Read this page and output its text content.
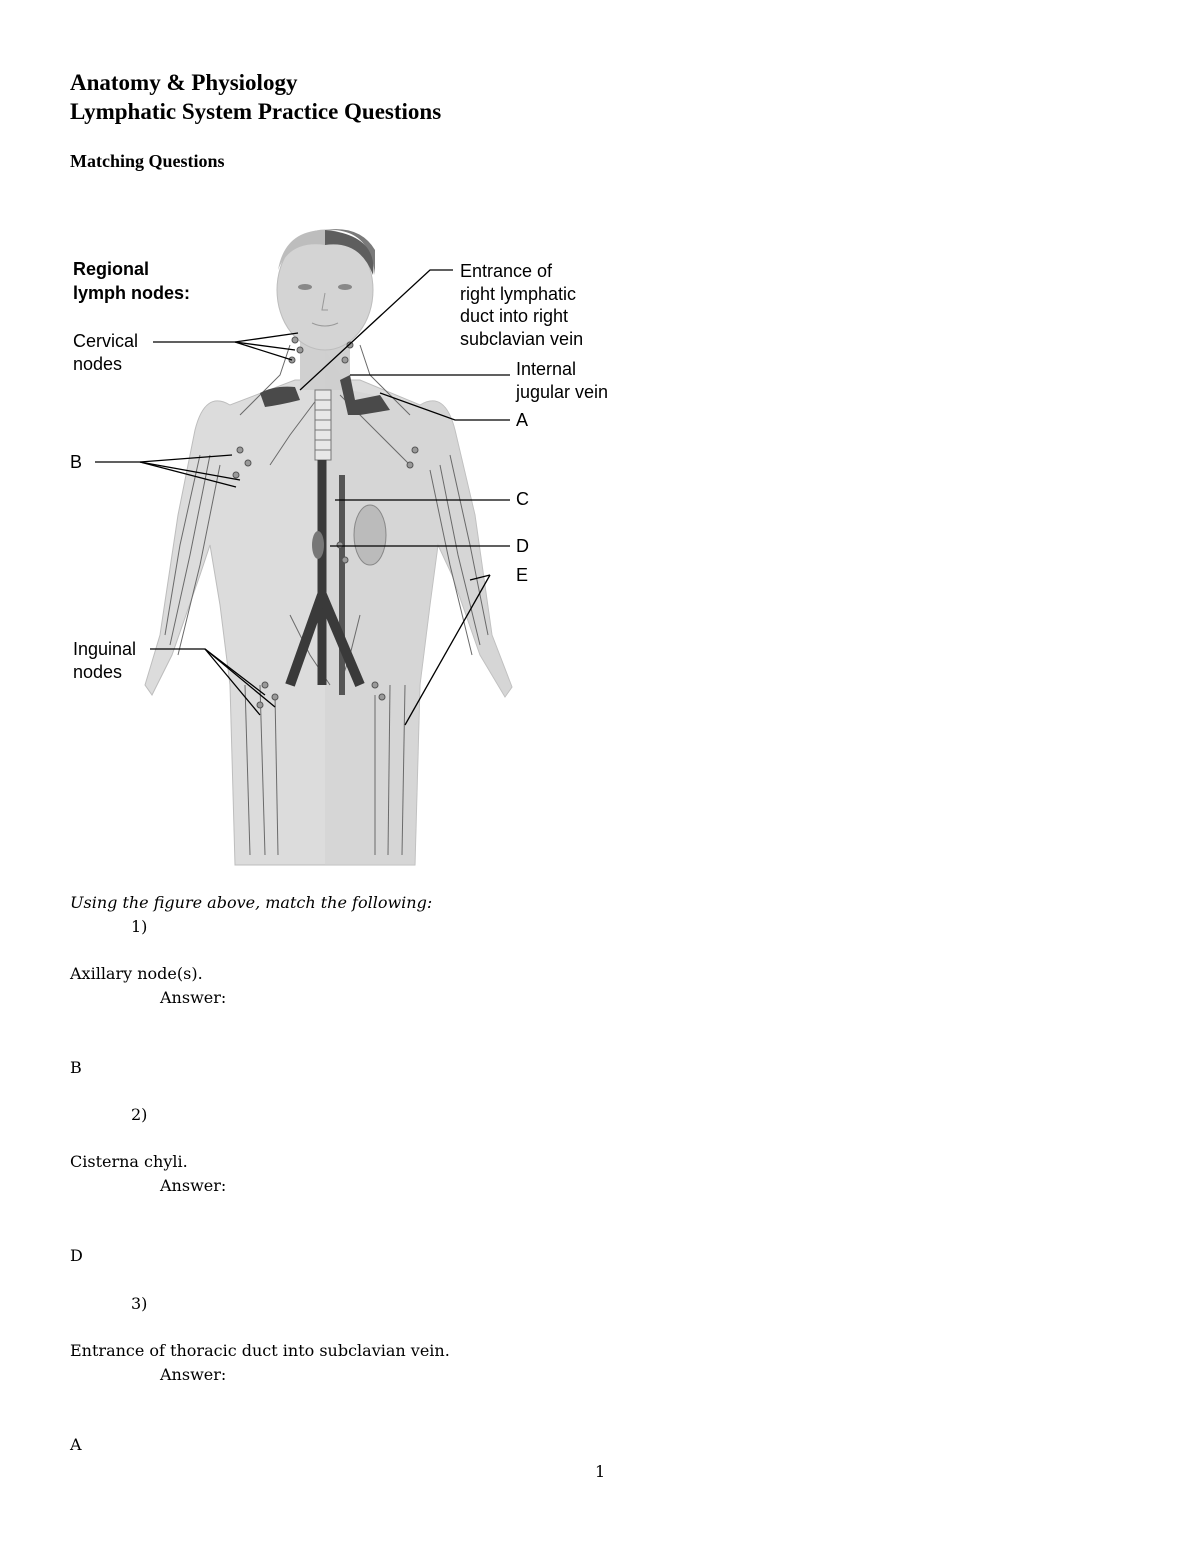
Anatomy & Physiology
Lymphatic System Practice Questions
Matching Questions
Regional
lymph nodes:
Cervical
nodes
B
Inguinal
nodes
Entrance of
right lymphatic
duct into right
subclavian vein
Internal
jugular vein
A
C
D
E

Using the figure above, match the following:

1)

Axillary node(s).

Answer:

B

2)

Cisterna chyli.

Answer:

D

3)

Entrance of thoracic duct into subclavian vein.

Answer:

A

1
